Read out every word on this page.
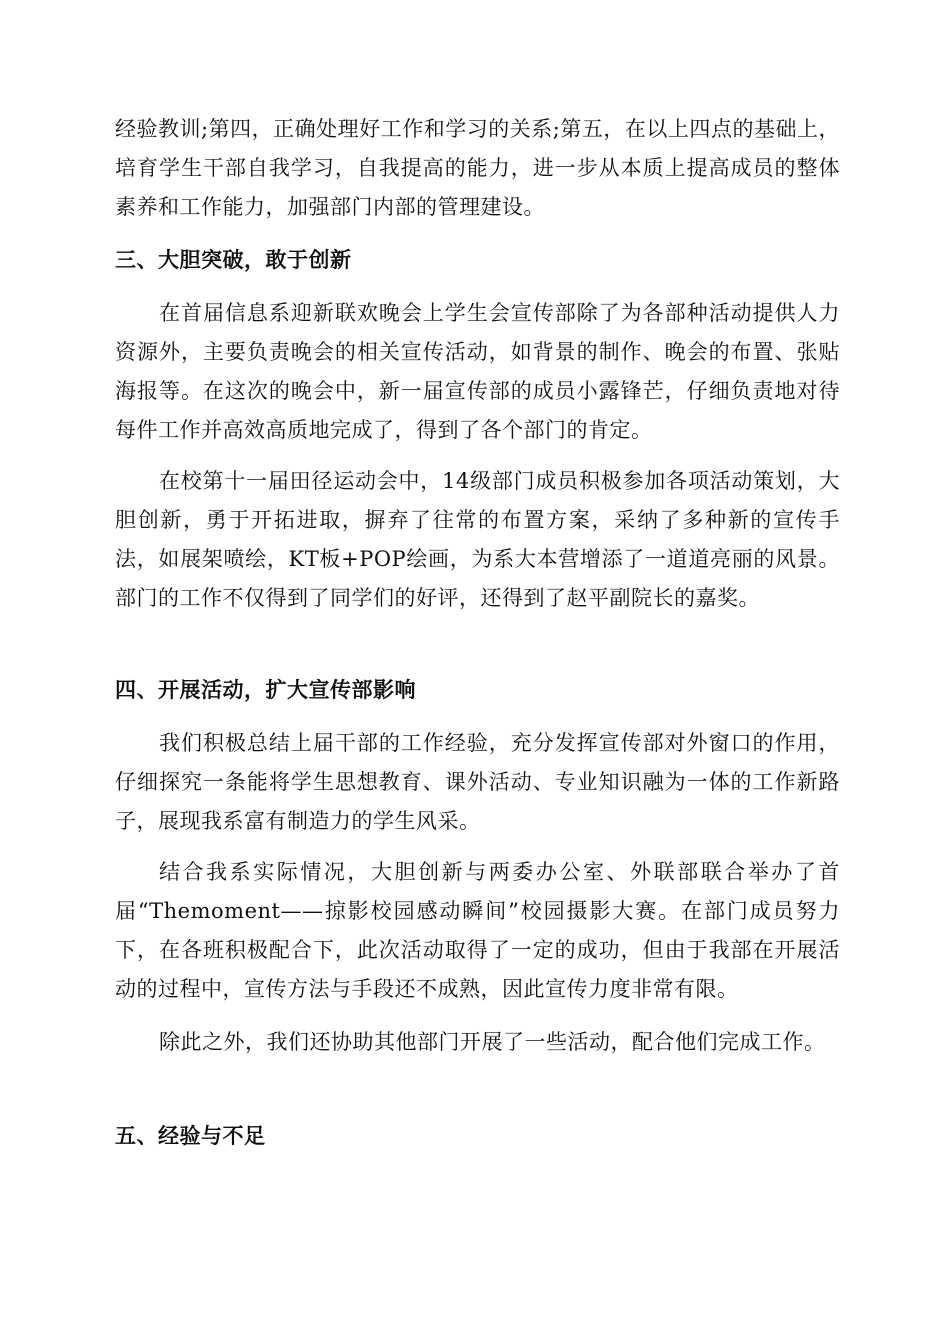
经验教训;第四，正确处理好工作和学习的关系;第五，在以上四点的基础上，培育学生干部自我学习，自我提高的能力，进一步从本质上提高成员的整体素养和工作能力，加强部门内部的管理建设。

三、大胆突破，敢于创新

在首届信息系迎新联欢晚会上学生会宣传部除了为各部种活动提供人力资源外，主要负责晚会的相关宣传活动，如背景的制作、晚会的布置、张贴海报等。在这次的晚会中，新一届宣传部的成员小露锋芒，仔细负责地对待每件工作并高效高质地完成了，得到了各个部门的肯定。

在校第十一届田径运动会中，14级部门成员积极参加各项活动策划，大胆创新，勇于开拓进取，摒弃了往常的布置方案，采纳了多种新的宣传手法，如展架喷绘，KT板+POP绘画，为系大本营增添了一道道亮丽的风景。部门的工作不仅得到了同学们的好评，还得到了赵平副院长的嘉奖。

四、开展活动，扩大宣传部影响

我们积极总结上届干部的工作经验，充分发挥宣传部对外窗口的作用，仔细探究一条能将学生思想教育、课外活动、专业知识融为一体的工作新路子，展现我系富有制造力的学生风采。

结合我系实际情况，大胆创新与两委办公室、外联部联合举办了首届“Themoment——掠影校园感动瞬间”校园摄影大赛。在部门成员努力下，在各班积极配合下，此次活动取得了一定的成功，但由于我部在开展活动的过程中，宣传方法与手段还不成熟，因此宣传力度非常有限。

除此之外，我们还协助其他部门开展了一些活动，配合他们完成工作。

五、经验与不足
